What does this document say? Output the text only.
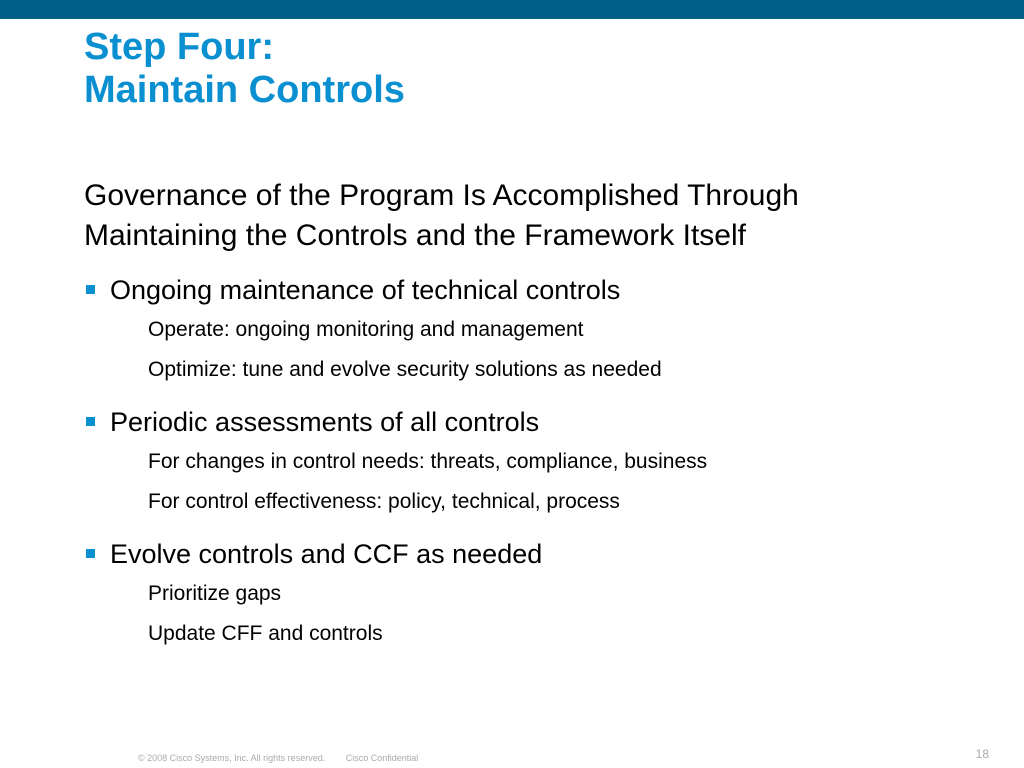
Step Four:
Maintain Controls
Governance of the Program Is Accomplished Through
Maintaining the Controls and the Framework Itself
Ongoing maintenance of technical controls
Operate: ongoing monitoring and management
Optimize: tune and evolve security solutions as needed
Periodic assessments of all controls
For changes in control needs: threats, compliance, business
For control effectiveness: policy, technical, process
Evolve controls and CCF as needed
Prioritize gaps
Update CFF and controls
© 2008 Cisco Systems, Inc. All rights reserved. Cisco Confidential	18
